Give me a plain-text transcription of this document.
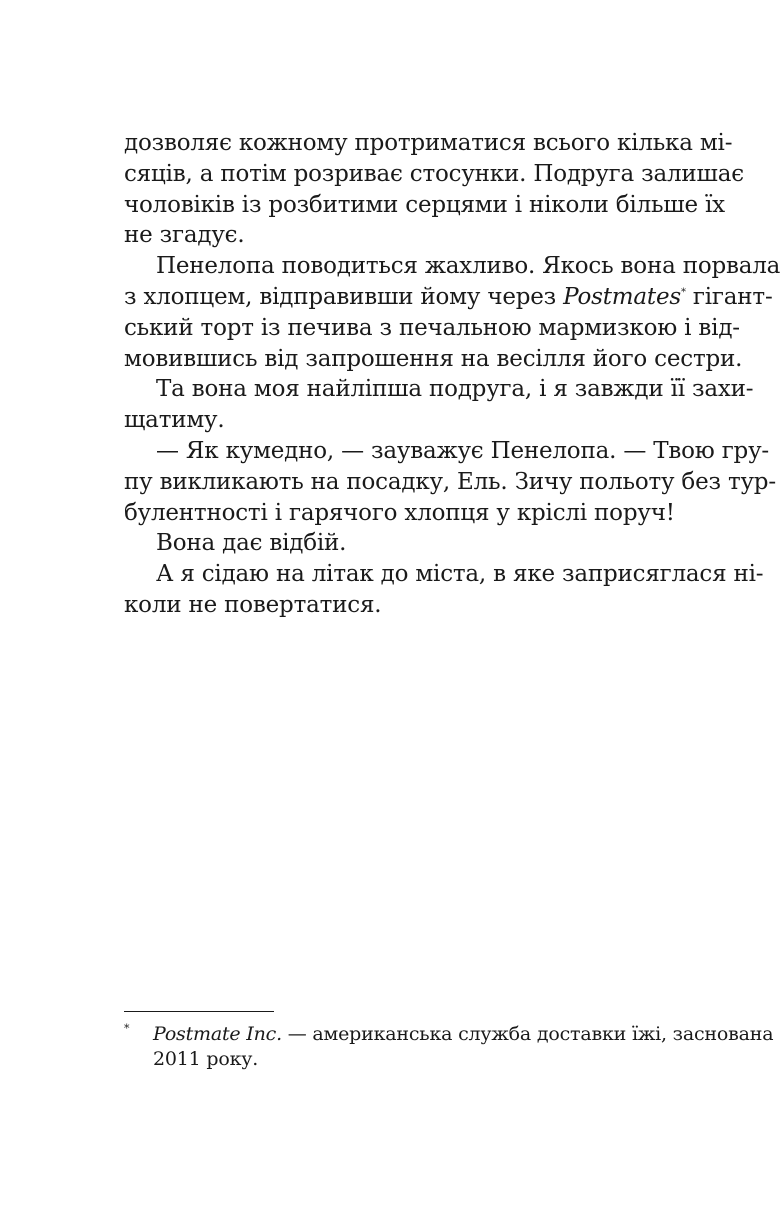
дозволяє кожному протриматися всього кілька мі-
сяців, а потім розриває стосунки. Подруга залишає
чоловіків із розбитими серцями і ніколи більше їх
не згадує.
Пенелопа поводиться жахливо. Якось вона порвала
з хлопцем, відправивши йому через Postmates* гігант-
ський торт із печива з печальною мармизкою і від-
мовившись від запрошення на весілля його сестри.
Та вона моя найліпша подруга, і я завжди її захи-
щатиму.
— Як кумедно, — зауважує Пенелопа. — Твою гру-
пу викликають на посадку, Ель. Зичу польоту без тур-
булентності і гарячого хлопця у кріслі поруч!
Вона дає відбій.
А я сідаю на літак до міста, в яке заприсяглася ні-
коли не повертатися.
*	Postmate Inc. — американська служба доставки їжі, заснована
2011 року.
